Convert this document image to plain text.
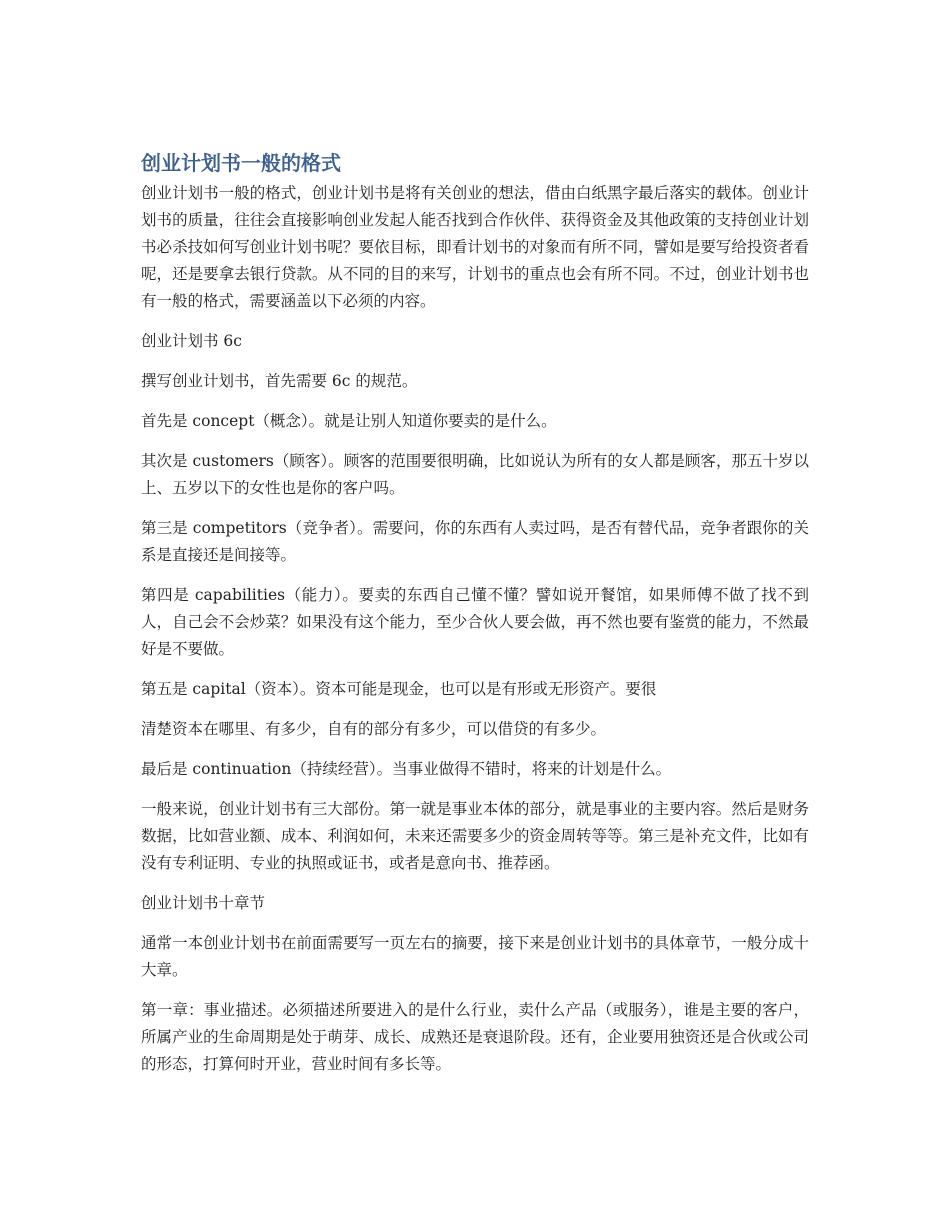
创业计划书一般的格式

创业计划书一般的格式，创业计划书是将有关创业的想法，借由白纸黑字最后落实的载体。创业计划书的质量，往往会直接影响创业发起人能否找到合作伙伴、获得资金及其他政策的支持创业计划书必杀技如何写创业计划书呢？要依目标，即看计划书的对象而有所不同，譬如是要写给投资者看呢，还是要拿去银行贷款。从不同的目的来写，计划书的重点也会有所不同。不过，创业计划书也有一般的格式，需要涵盖以下必须的内容。

创业计划书 6c

撰写创业计划书，首先需要 6c 的规范。

首先是 concept（概念）。就是让别人知道你要卖的是什么。

其次是 customers（顾客）。顾客的范围要很明确，比如说认为所有的女人都是顾客，那五十岁以上、五岁以下的女性也是你的客户吗。

第三是 competitors（竞争者）。需要问，你的东西有人卖过吗，是否有替代品，竞争者跟你的关系是直接还是间接等。

第四是 capabilities（能力）。要卖的东西自己懂不懂？譬如说开餐馆，如果师傅不做了找不到人，自己会不会炒菜？如果没有这个能力，至少合伙人要会做，再不然也要有鉴赏的能力，不然最好是不要做。

第五是 capital（资本）。资本可能是现金，也可以是有形或无形资产。要很

清楚资本在哪里、有多少，自有的部分有多少，可以借贷的有多少。

最后是 continuation（持续经营）。当事业做得不错时，将来的计划是什么。

一般来说，创业计划书有三大部份。第一就是事业本体的部分，就是事业的主要内容。然后是财务数据，比如营业额、成本、利润如何，未来还需要多少的资金周转等等。第三是补充文件，比如有没有专利证明、专业的执照或证书，或者是意向书、推荐函。

创业计划书十章节

通常一本创业计划书在前面需要写一页左右的摘要，接下来是创业计划书的具体章节，一般分成十大章。

第一章：事业描述。必须描述所要进入的是什么行业，卖什么产品（或服务），谁是主要的客户，所属产业的生命周期是处于萌芽、成长、成熟还是衰退阶段。还有，企业要用独资还是合伙或公司的形态，打算何时开业，营业时间有多长等。
